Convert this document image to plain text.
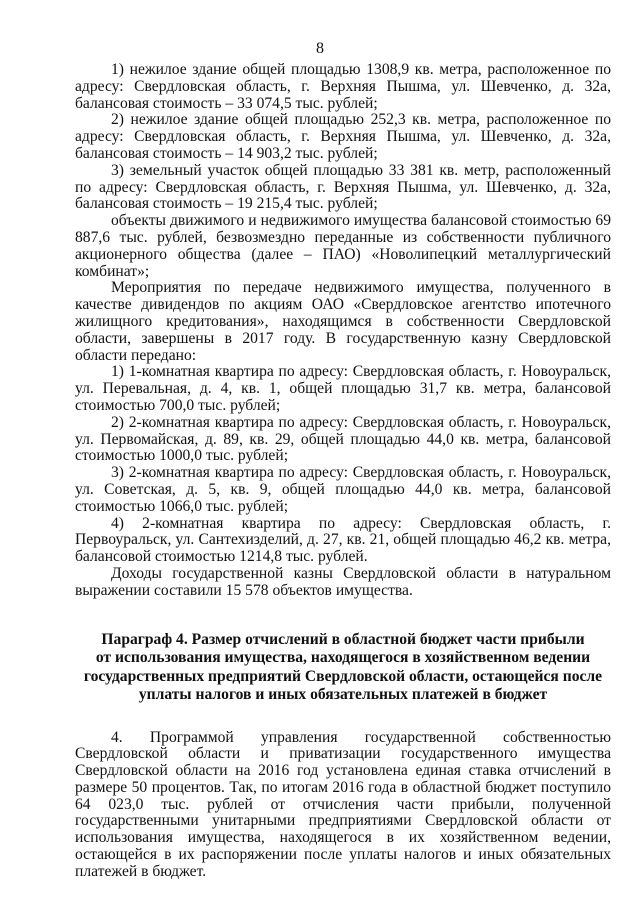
8

1) нежилое здание общей площадью 1308,9 кв. метра, расположенное по адресу: Свердловская область, г. Верхняя Пышма, ул. Шевченко, д. 32а, балансовая стоимость – 33 074,5 тыс. рублей;

2) нежилое здание общей площадью 252,3 кв. метра, расположенное по адресу: Свердловская область, г. Верхняя Пышма, ул. Шевченко, д. 32а, балансовая стоимость – 14 903,2 тыс. рублей;

3) земельный участок общей площадью 33 381 кв. метр, расположенный по адресу: Свердловская область, г. Верхняя Пышма, ул. Шевченко, д. 32а, балансовая стоимость – 19 215,4 тыс. рублей;

объекты движимого и недвижимого имущества балансовой стоимостью 69 887,6 тыс. рублей, безвозмездно переданные из собственности публичного акционерного общества (далее – ПАО) «Новолипецкий металлургический комбинат»;

Мероприятия по передаче недвижимого имущества, полученного в качестве дивидендов по акциям ОАО «Свердловское агентство ипотечного жилищного кредитования», находящимся в собственности Свердловской области, завершены в 2017 году. В государственную казну Свердловской области передано:

1) 1-комнатная квартира по адресу: Свердловская область, г. Новоуральск, ул. Перевальная, д. 4, кв. 1, общей площадью 31,7 кв. метра, балансовой стоимостью 700,0 тыс. рублей;

2) 2-комнатная квартира по адресу: Свердловская область, г. Новоуральск, ул. Первомайская, д. 89, кв. 29, общей площадью 44,0 кв. метра, балансовой стоимостью 1000,0 тыс. рублей;

3) 2-комнатная квартира по адресу: Свердловская область, г. Новоуральск, ул. Советская, д. 5, кв. 9, общей площадью 44,0 кв. метра, балансовой стоимостью 1066,0 тыс. рублей;

4) 2-комнатная квартира по адресу: Свердловская область, г. Первоуральск, ул. Сантехизделий, д. 27, кв. 21, общей площадью 46,2 кв. метра, балансовой стоимостью 1214,8 тыс. рублей.

Доходы государственной казны Свердловской области в натуральном выражении составили 15 578 объектов имущества.

Параграф 4. Размер отчислений в областной бюджет части прибыли
от использования имущества, находящегося в хозяйственном ведении
государственных предприятий Свердловской области, остающейся после
уплаты налогов и иных обязательных платежей в бюджет

4. Программой управления государственной собственностью Свердловской области и приватизации государственного имущества Свердловской области на 2016 год установлена единая ставка отчислений в размере 50 процентов. Так, по итогам 2016 года в областной бюджет поступило 64 023,0 тыс. рублей от отчисления части прибыли, полученной государственными унитарными предприятиями Свердловской области от использования имущества, находящегося в их хозяйственном ведении, остающейся в их распоряжении после уплаты налогов и иных обязательных платежей в бюджет.
